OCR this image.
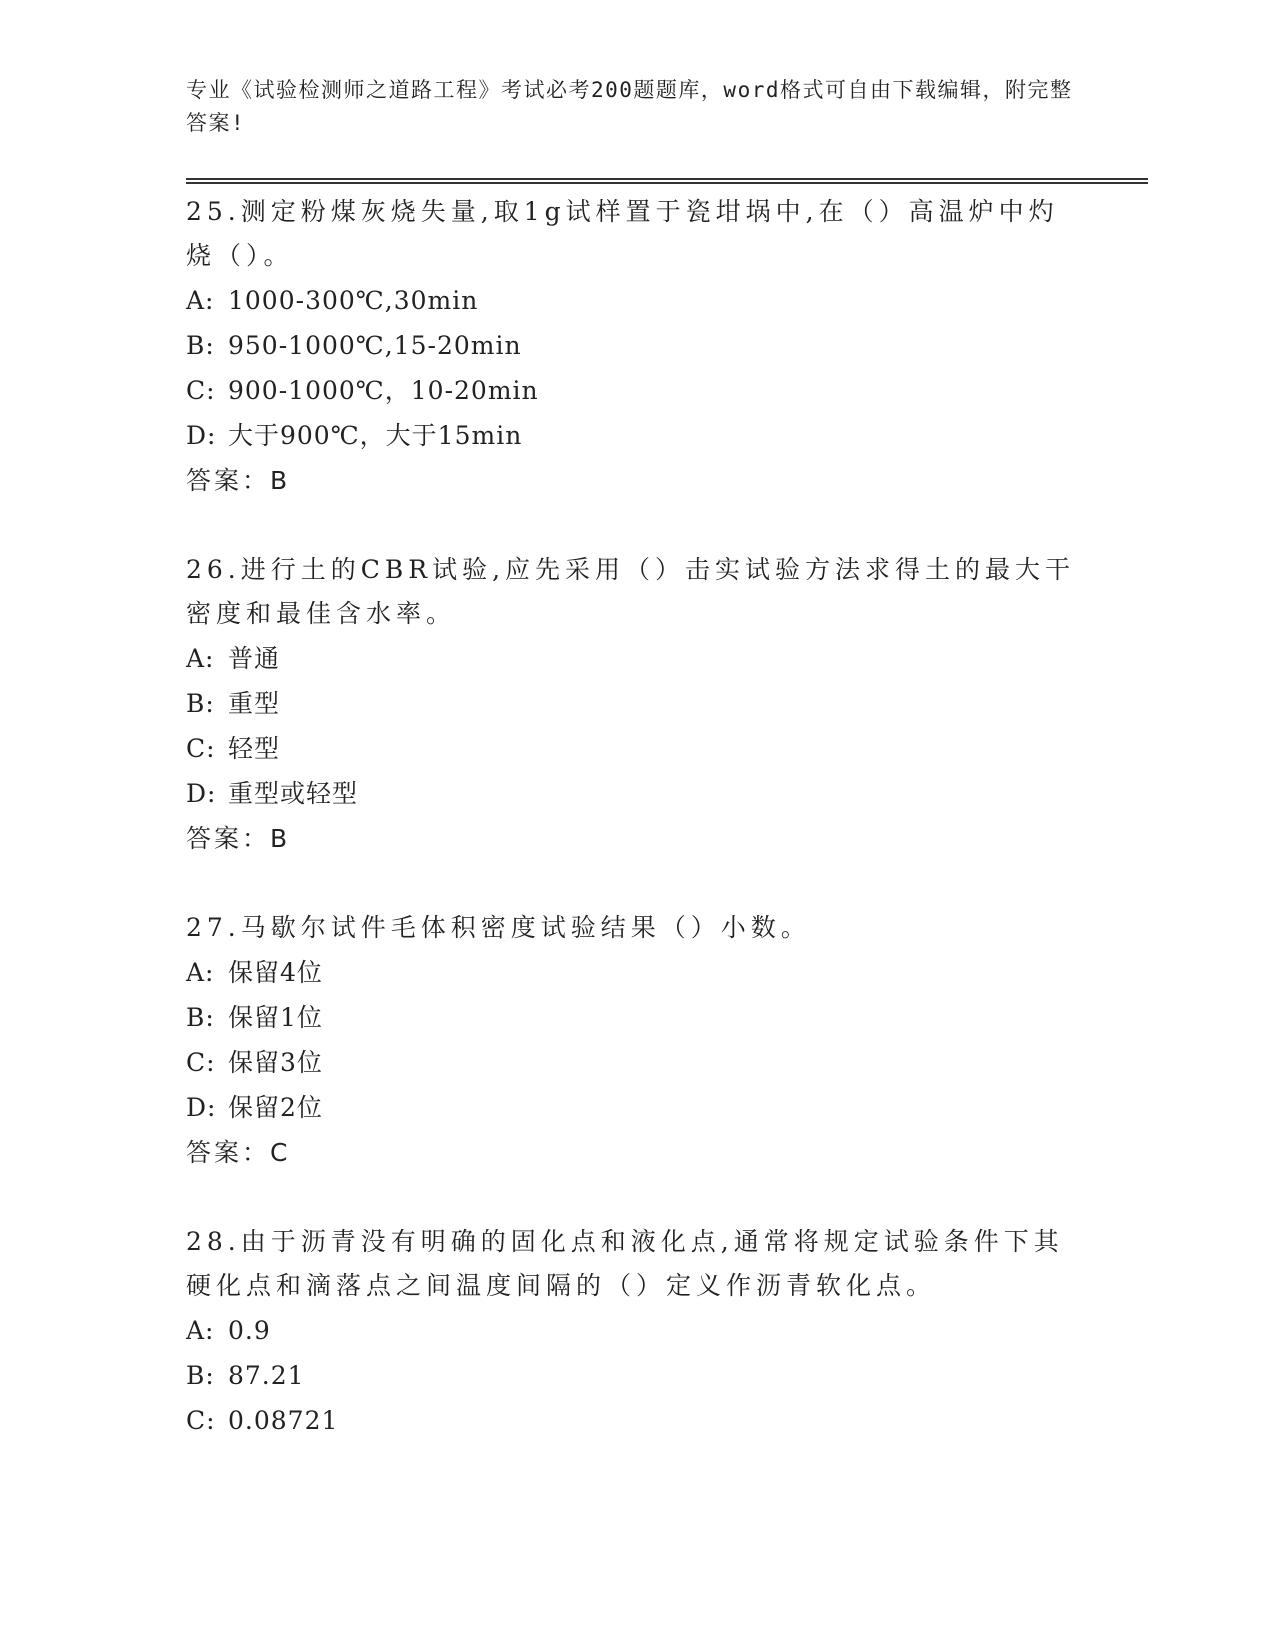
专业《试验检测师之道路工程》考试必考200题题库，word格式可自由下载编辑，附完整答案!

25.测定粉煤灰烧失量,取1g试样置于瓷坩埚中,在（）高温炉中灼烧（）。

A: 1000-300℃,30min

B: 950-1000℃,15-20min

C: 900-1000℃，10-20min

D: 大于900℃，大于15min

答案：B

26.进行土的CBR试验,应先采用（）击实试验方法求得土的最大干密度和最佳含水率。

A: 普通

B: 重型

C: 轻型

D: 重型或轻型

答案：B

27.马歇尔试件毛体积密度试验结果（）小数。

A: 保留4位

B: 保留1位

C: 保留3位

D: 保留2位

答案：C

28.由于沥青没有明确的固化点和液化点,通常将规定试验条件下其硬化点和滴落点之间温度间隔的（）定义作沥青软化点。

A: 0.9

B: 87.21

C: 0.08721
